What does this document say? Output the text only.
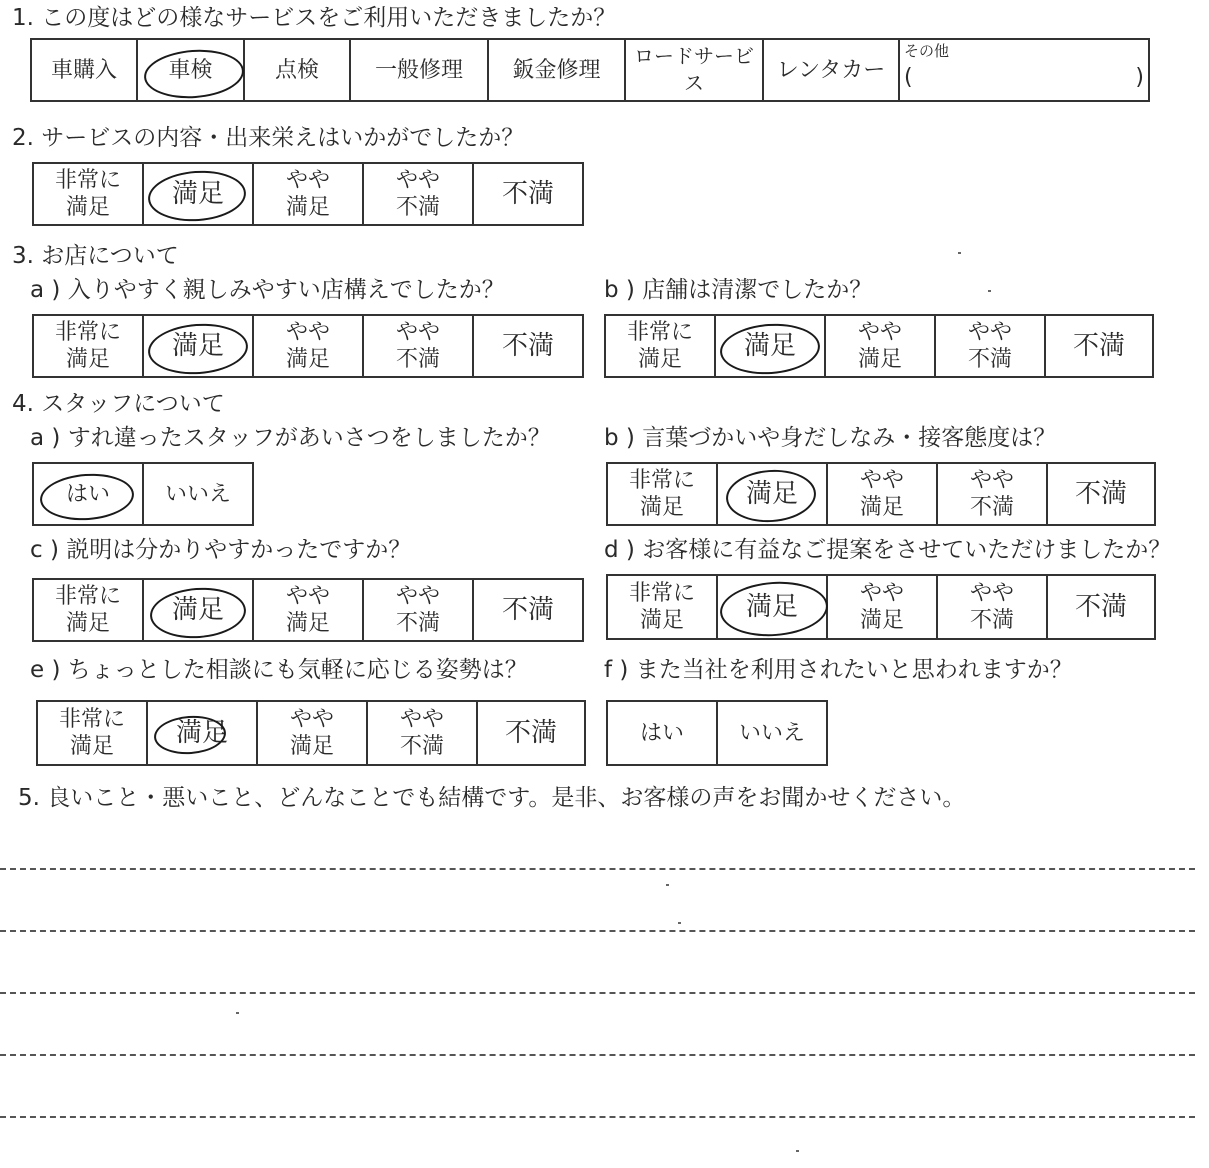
1. この度はどの様なサービスをご利用いただきましたか？
車購入 車検	点検	一般修理 鈑金修理
ロードサービス
レンタカー
その他
(	)
2. サービスの内容・出来栄えはいかがでしたか？
非常に
満足	満足	やや
満足
やや
不満 不満
3. お店について
a ) 入りやすく親しみやすい店構えでしたか？
非常に
満足	満足	やや
満足
やや
不満 不満
b ) 店舗は清潔でしたか？
非常に
満足	満足	やや
満足
やや
不満 不満
4. スタッフについて
a ) すれ違ったスタッフがあいさつをしましたか？
はい いいえ
b ) 言葉づかいや身だしなみ・接客態度は？
非常に
満足	満足	やや
満足
やや
不満 不満
c ) 説明は分かりやすかったですか？
非常に
満足	満足	やや
満足
やや
不満 不満
d ) お客様に有益なご提案をさせていただけましたか？
非常に
満足	満足	やや
満足
やや
不満 不満
e ) ちょっとした相談にも気軽に応じる姿勢は？
非常に
満足	満足	やや
満足
やや
不満 不満
f ) また当社を利用されたいと思われますか？
はい いいえ
5. 良いこと・悪いこと、どんなことでも結構です。是非、お客様の声をお聞かせください。
